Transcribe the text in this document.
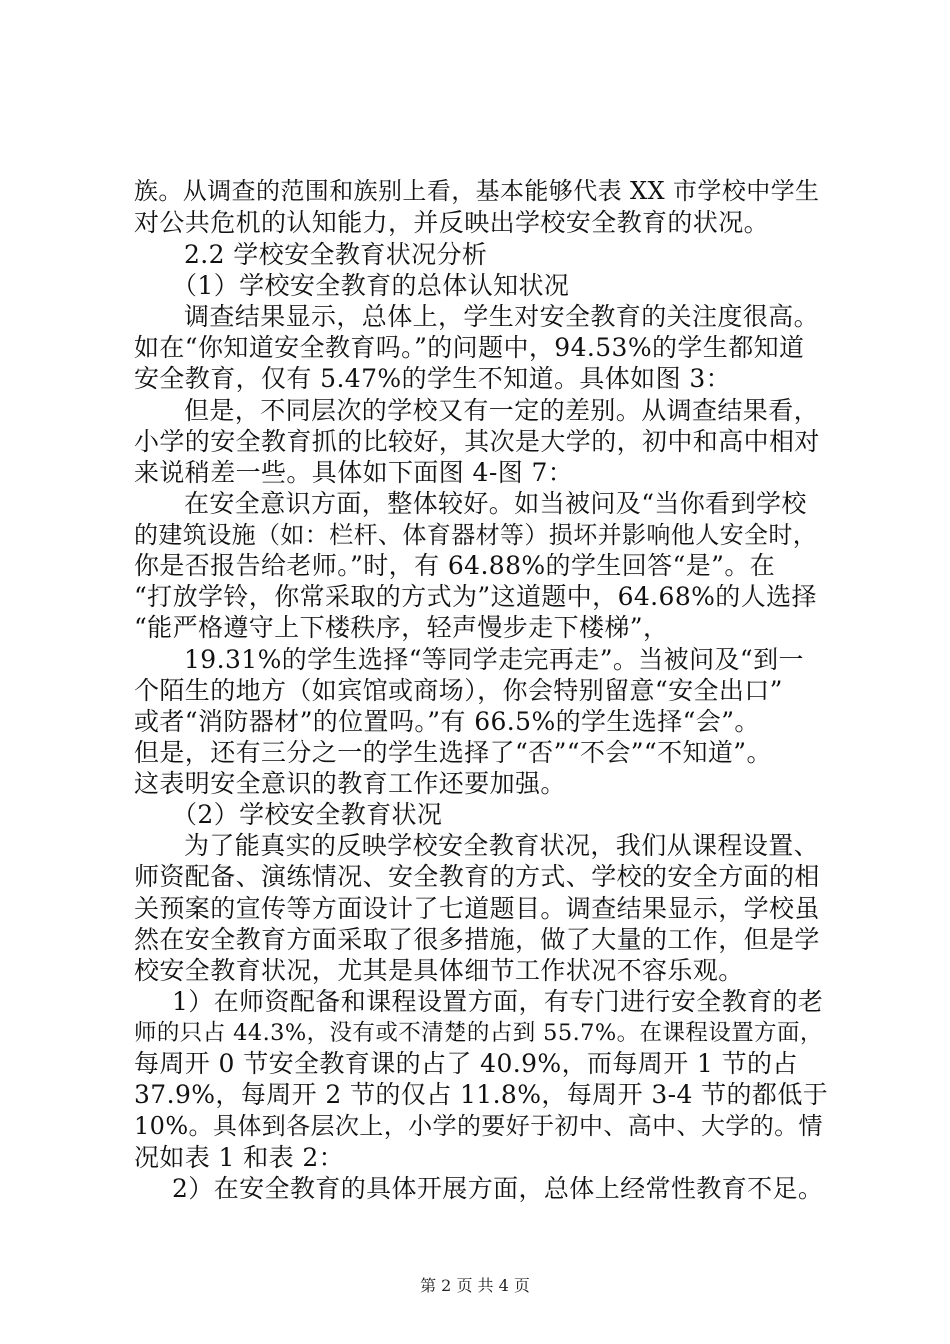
族。从调查的范围和族别上看，基本能够代表 XX 市学校中学生
对公共危机的认知能力，并反映出学校安全教育的状况。
2.2 学校安全教育状况分析
（1）学校安全教育的总体认知状况
调查结果显示，总体上，学生对安全教育的关注度很高。
如在“你知道安全教育吗。”的问题中，94.53%的学生都知道
安全教育，仅有 5.47%的学生不知道。具体如图 3：
但是，不同层次的学校又有一定的差别。从调查结果看，
小学的安全教育抓的比较好，其次是大学的，初中和高中相对
来说稍差一些。具体如下面图 4-图 7：
在安全意识方面，整体较好。如当被问及“当你看到学校
的建筑设施（如：栏杆、体育器材等）损坏并影响他人安全时，
你是否报告给老师。”时，有 64.88%的学生回答“是”。在
“打放学铃，你常采取的方式为”这道题中，64.68%的人选择
“能严格遵守上下楼秩序，轻声慢步走下楼梯”，
19.31%的学生选择“等同学走完再走”。当被问及“到一
个陌生的地方（如宾馆或商场），你会特别留意“安全出口”
或者“消防器材”的位置吗。”有 66.5%的学生选择“会”。
但是，还有三分之一的学生选择了“否”“不会”“不知道”。
这表明安全意识的教育工作还要加强。
（2）学校安全教育状况
为了能真实的反映学校安全教育状况，我们从课程设置、
师资配备、演练情况、安全教育的方式、学校的安全方面的相
关预案的宣传等方面设计了七道题目。调查结果显示，学校虽
然在安全教育方面采取了很多措施，做了大量的工作，但是学
校安全教育状况，尤其是具体细节工作状况不容乐观。
1）在师资配备和课程设置方面，有专门进行安全教育的老
师的只占 44.3%，没有或不清楚的占到 55.7%。在课程设置方面，
每周开 0 节安全教育课的占了 40.9%，而每周开 1 节的占
37.9%，每周开 2 节的仅占 11.8%，每周开 3-4 节的都低于
10%。具体到各层次上，小学的要好于初中、高中、大学的。情
况如表 1 和表 2：
2）在安全教育的具体开展方面，总体上经常性教育不足。
第 2 页 共 4 页
